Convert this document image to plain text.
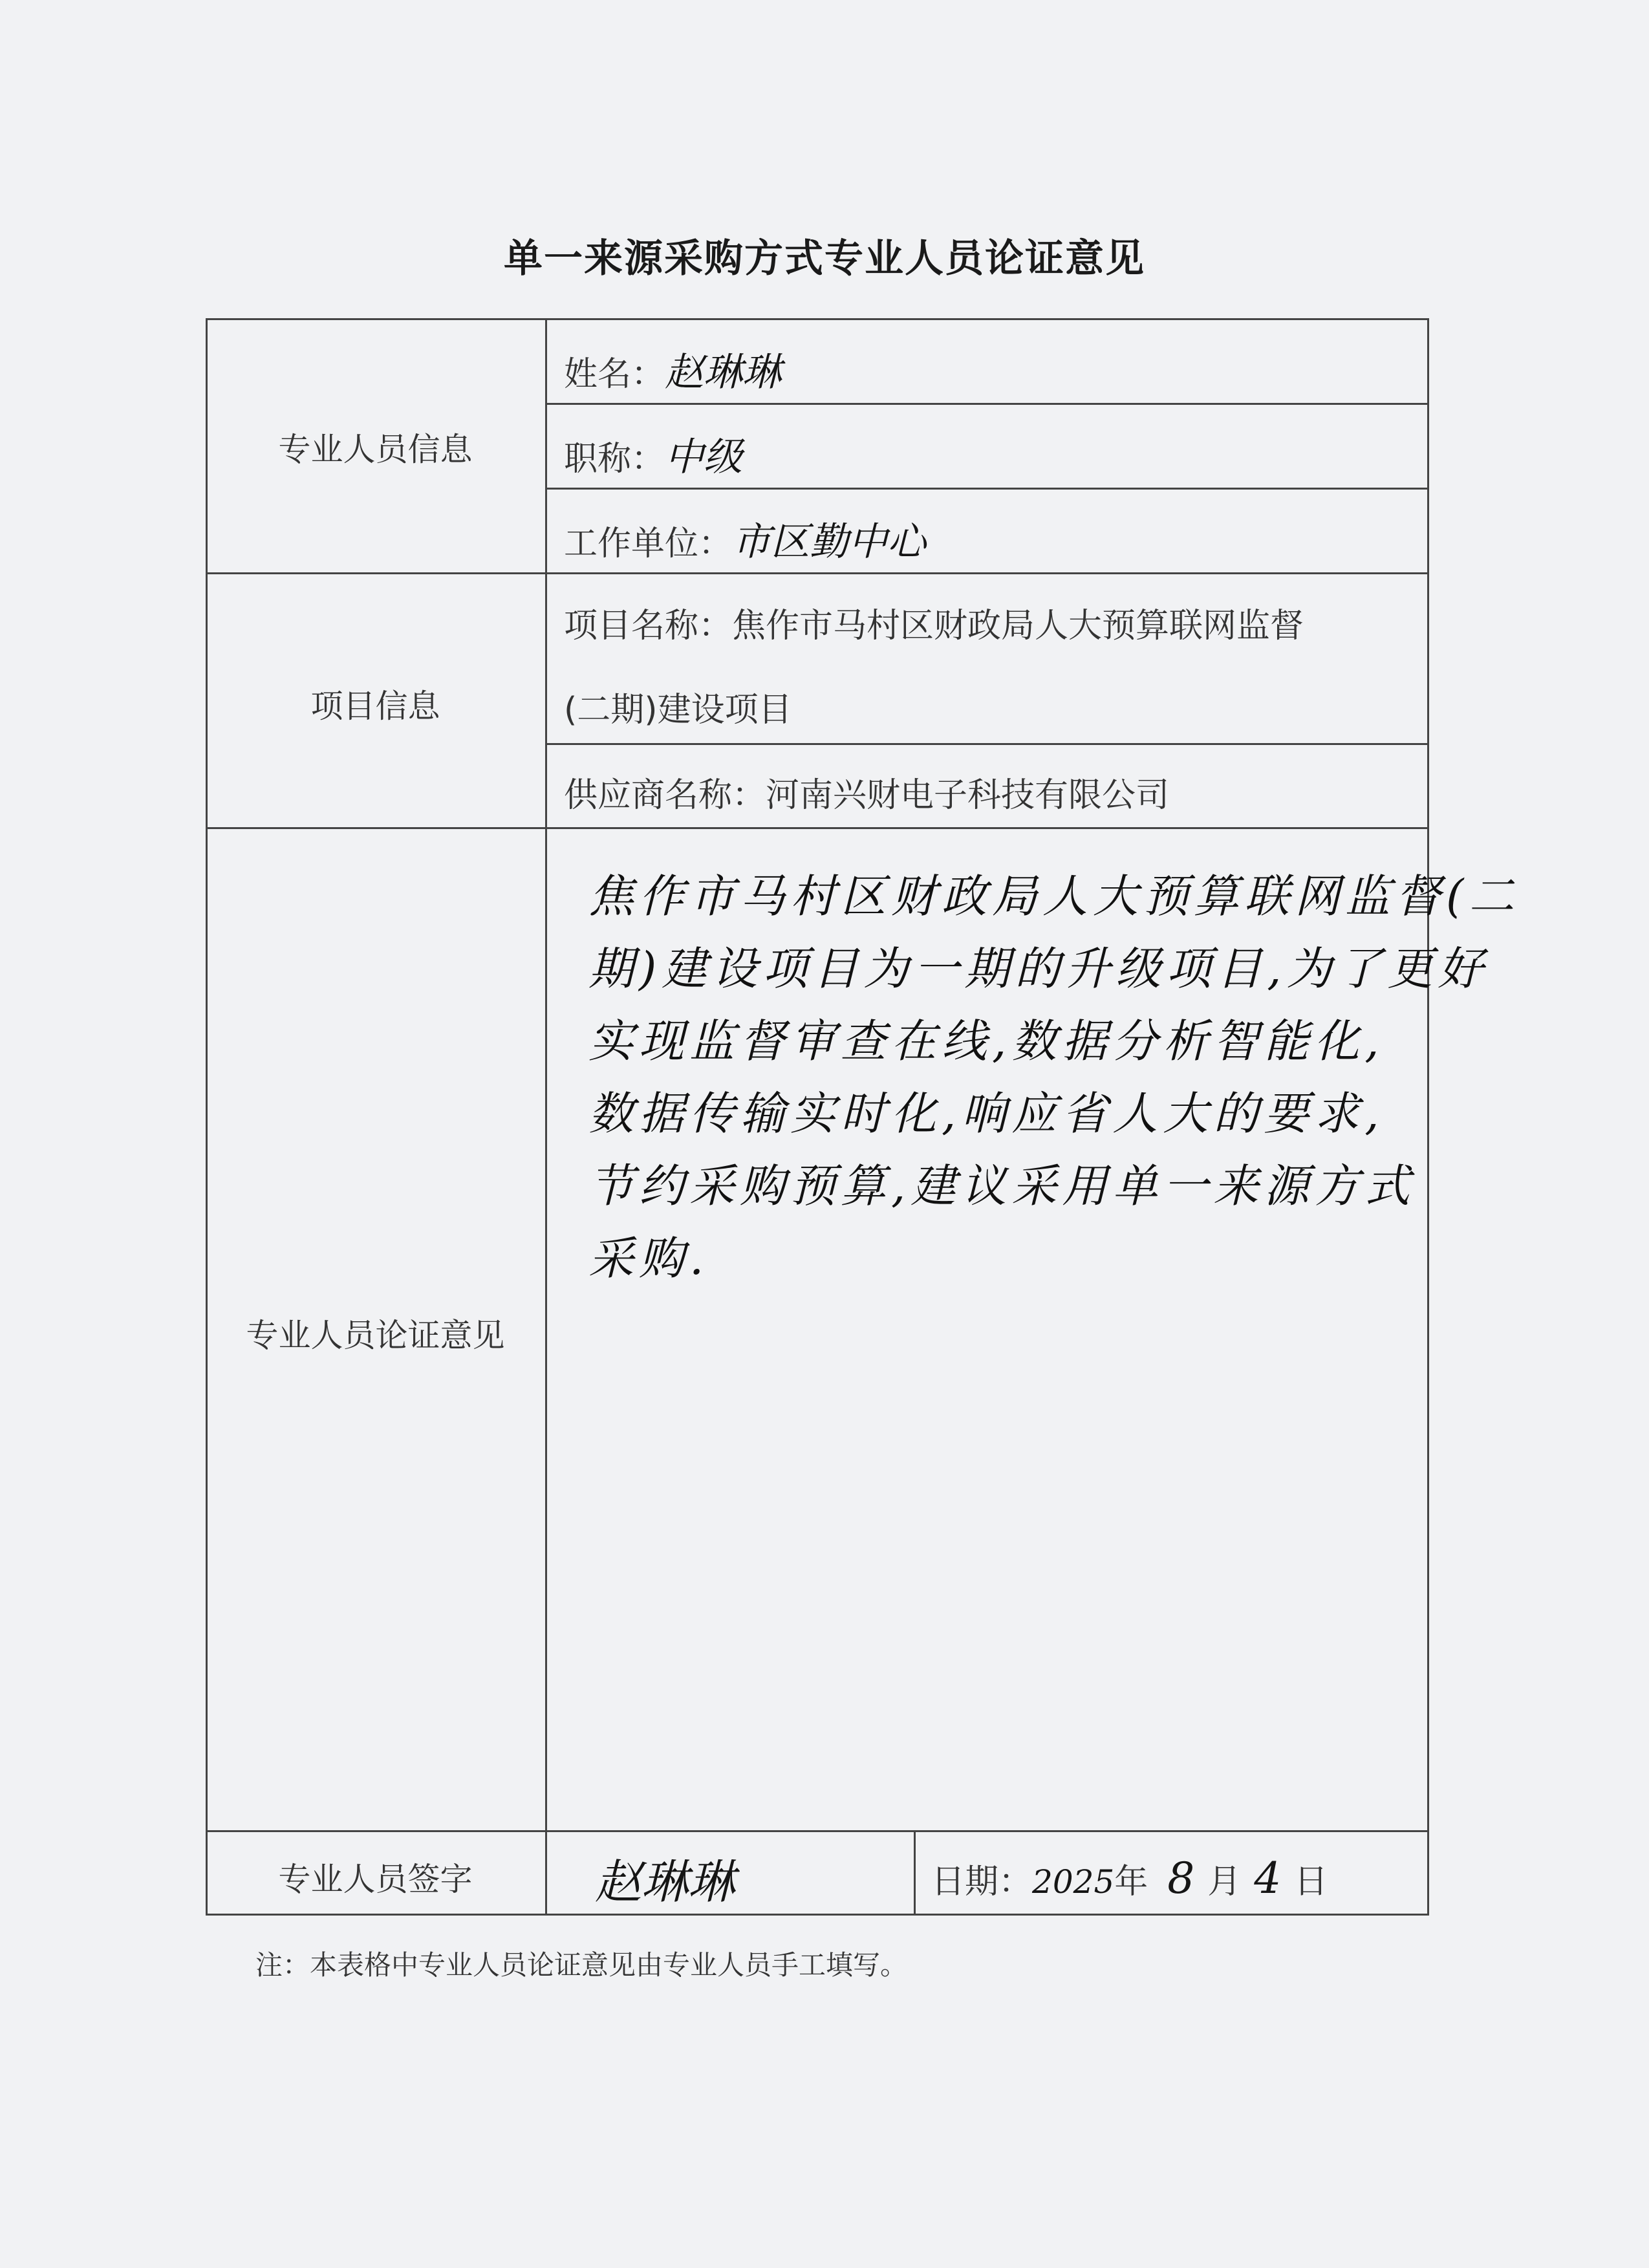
单一来源采购方式专业人员论证意见
专业人员信息
项目信息
专业人员论证意见
专业人员签字
姓名：赵琳琳
职称：中级
工作单位：市区勤中心
项目名称：焦作市马村区财政局人大预算联网监督
(二期)建设项目
供应商名称：河南兴财电子科技有限公司
焦作市马村区财政局人大预算联网监督(二
期)建设项目为一期的升级项目,为了更好
实现监督审查在线,数据分析智能化,
数据传输实时化,响应省人大的要求,
节约采购预算,建议采用单一来源方式
采购.
赵琳琳	日期：2025年 8 月 4 日
注：本表格中专业人员论证意见由专业人员手工填写。
